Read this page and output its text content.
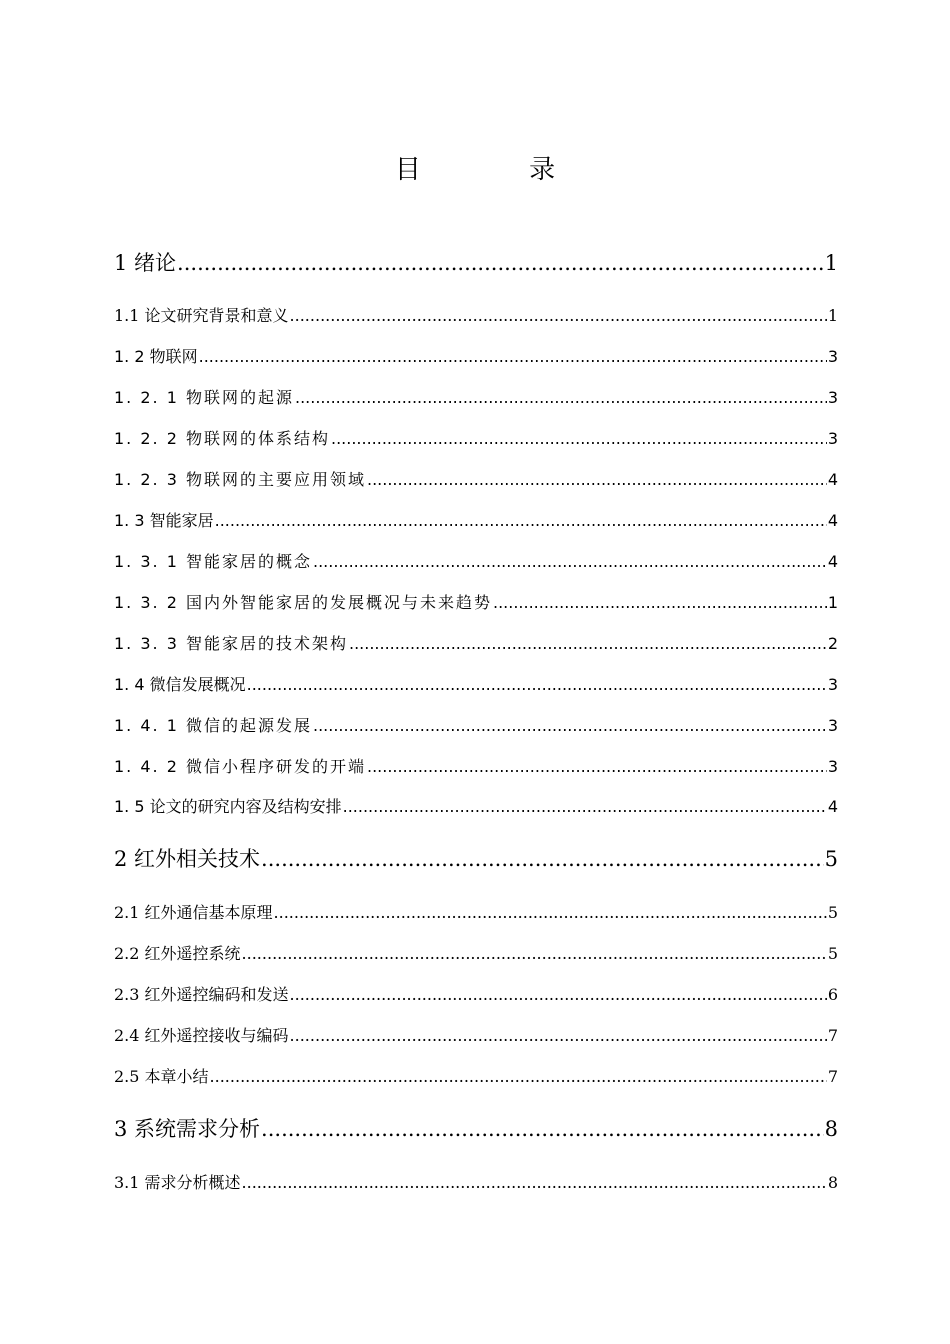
目 录
1 绪论 .....	1
1.1 论文研究背景和意义 .....	1
1. 2 物联网 .....	3
1. 2. 1 物联网的起源 .....	3
1. 2. 2 物联网的体系结构 .....	3
1. 2. 3 物联网的主要应用领域 .....	4
1. 3 智能家居 .....	4
1. 3. 1 智能家居的概念 .....	4
1. 3. 2 国内外智能家居的发展概况与未来趋势 .....	1
1. 3. 3 智能家居的技术架构 .....	2
1. 4 微信发展概况 .....	3
1. 4. 1 微信的起源发展 .....	3
1. 4. 2 微信小程序研发的开端 .....	3
1. 5 论文的研究内容及结构安排 .....	4
2 红外相关技术 .....	5
2.1 红外通信基本原理 .....	5
2.2 红外遥控系统 .....	5
2.3 红外遥控编码和发送 .....	6
2.4 红外遥控接收与编码 .....	7
2.5 本章小结 .....	7
3 系统需求分析 .....	8
3.1 需求分析概述 .....	8
